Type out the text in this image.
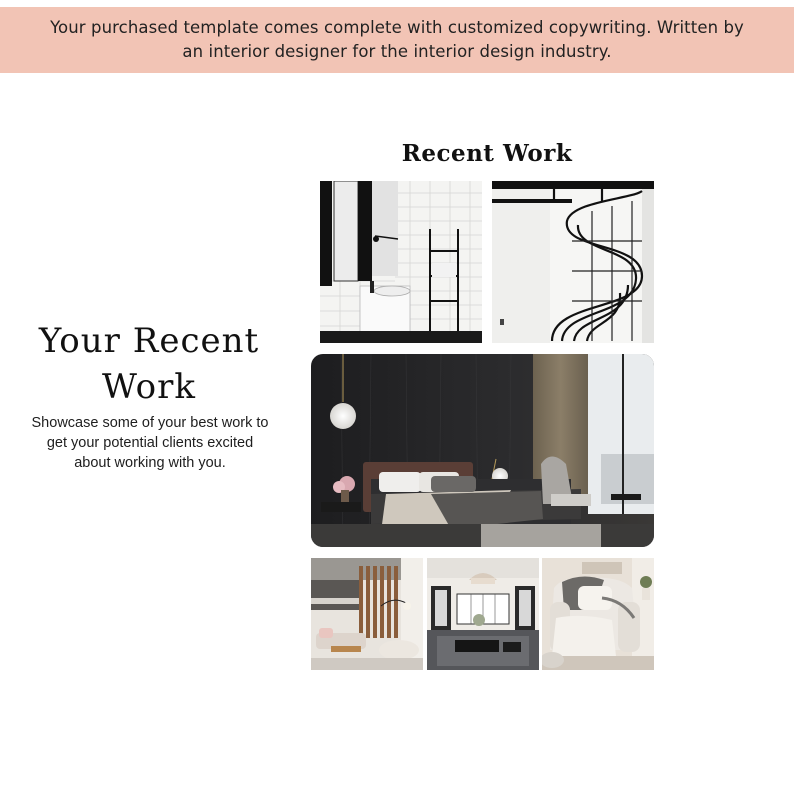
Your purchased template comes complete with customized copywriting. Written by an interior designer for the interior design industry.

Your Recent Work

Showcase some of your best work to get your potential clients excited about working with you.

Recent Work
